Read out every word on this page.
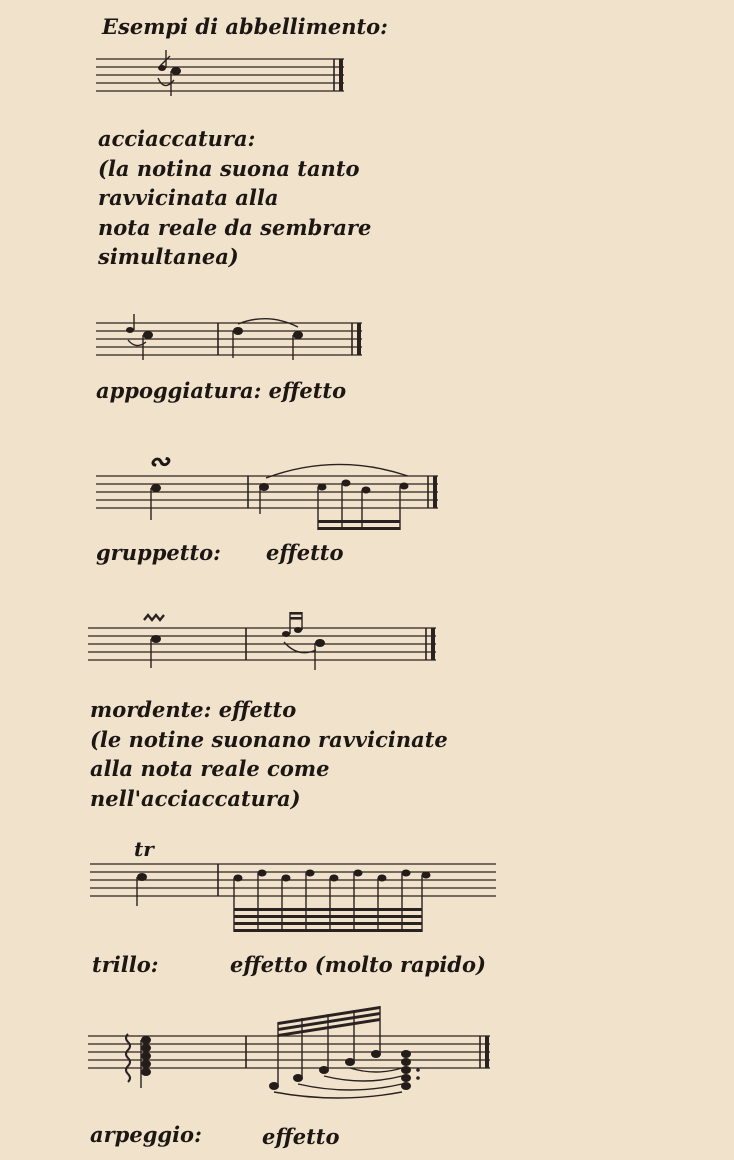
Esempi di abbellimento:
acciaccatura:
(la notina suona tanto
ravvicinata alla
nota reale da sembrare
simultanea)
appoggiatura: effetto
∾
gruppetto: effetto
mordente: effetto
(le notine suonano ravvicinate
alla nota reale come
nell'acciaccatura)
tr
trillo:	effetto (molto rapido)
arpeggio:	effetto
